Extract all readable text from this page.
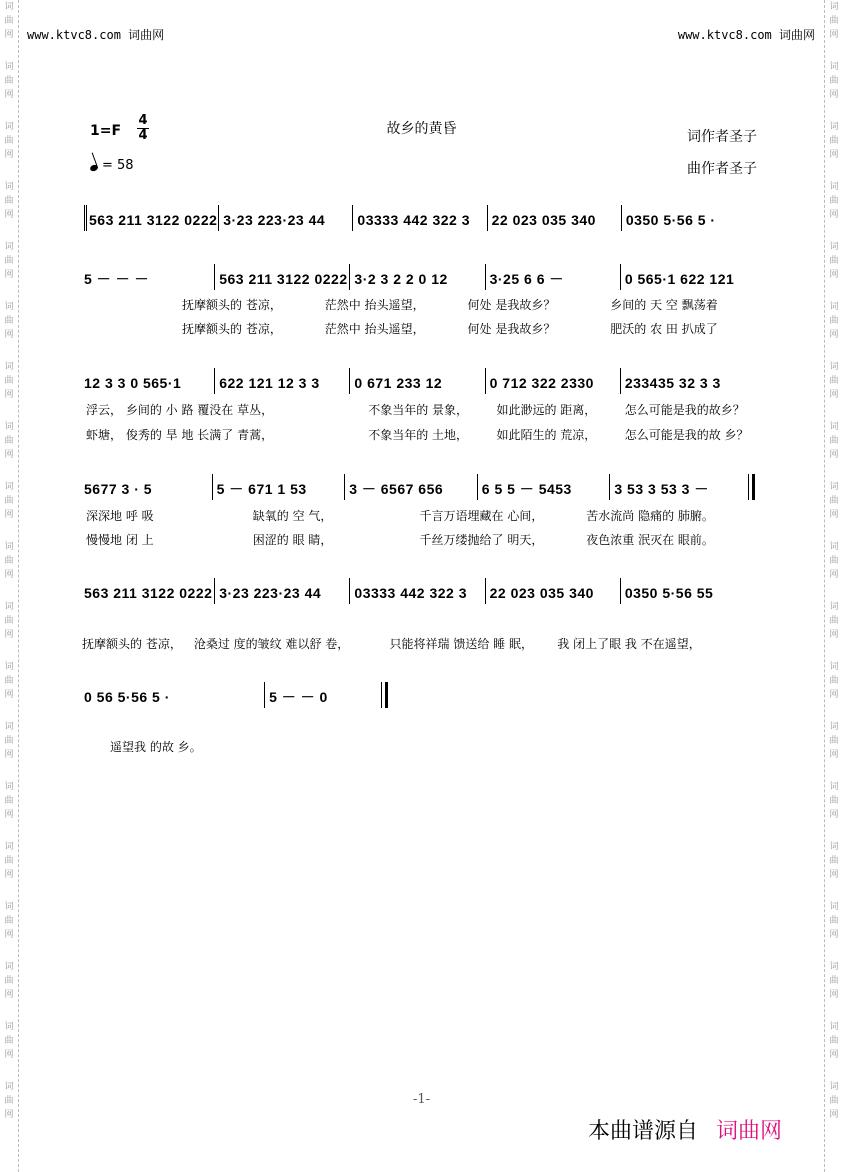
词曲网
词曲网
词曲网
词曲网
词曲网
词曲网
词曲网
词曲网
词曲网
词曲网
词曲网
词曲网
词曲网
词曲网
词曲网
词曲网
词曲网
词曲网
词曲网
词曲网
词曲网
词曲网
词曲网
词曲网
词曲网
词曲网
词曲网
词曲网
词曲网
词曲网
词曲网
词曲网
词曲网
词曲网
词曲网
词曲网
词曲网
词曲网
www.ktvc8.com 词曲网	www.ktvc8.com 词曲网
故乡的黄昏
$1=F \frac{4}{4}$
= 58
词作者圣子
曲作者圣子
563 211 3122 0222 3·23 223·23 44	03333 442 322 3	22 023 035 340	0350 5·56 5 ·
5 － － －	563 211 3122 0222 3·2 3 2 2 0 12	3·25 6 6 －	0 565·1 622 121
抚摩额头的 苍凉，	茫然中 抬头遥望，	何处 是我故乡？	乡间的 天 空 飘荡着
抚摩额头的 苍凉，	茫然中 抬头遥望，	何处 是我故乡？	肥沃的 农 田 扒成了
12 3 3 0 565·1	622 121 12 3 3	0 671 233 12	0 712 322 2330	233435 32 3 3
浮云， 乡间的 小 路 覆没在 草丛，	不象当年的 景象，	如此渺远的 距离，	怎么可能是我的故乡？
虾塘， 俊秀的 旱 地 长满了 青蒿，	不象当年的 土地，	如此陌生的 荒凉，	怎么可能是我的故 乡？
5677 3 · 5	5 － 671 1 53	3 － 6567 656	6 5 5 － 5453	3 53 3 53 3 －
深深地 呼 吸	缺氧的 空 气，	千言万语埋藏在 心间，	苦水流尚 隐痛的 肺腑。
慢慢地 闭 上	困涩的 眼 睛，	千丝万缕抛给了 明天，	夜色浓重 泯灭在 眼前。
563 211 3122 0222 3·23 223·23 44	03333 442 322 3	22 023 035 340	0350 5·56 55
抚摩额头的 苍凉，	沧桑过 度的皱纹 难以舒 卷，	只能将祥瑞 馈送给 睡 眠，	我 闭上了眼 我 不在遥望，
0 56 5·56 5 ·	5 － － 0
遥望我 的故 乡。
-1-
本曲谱源自 词曲网
